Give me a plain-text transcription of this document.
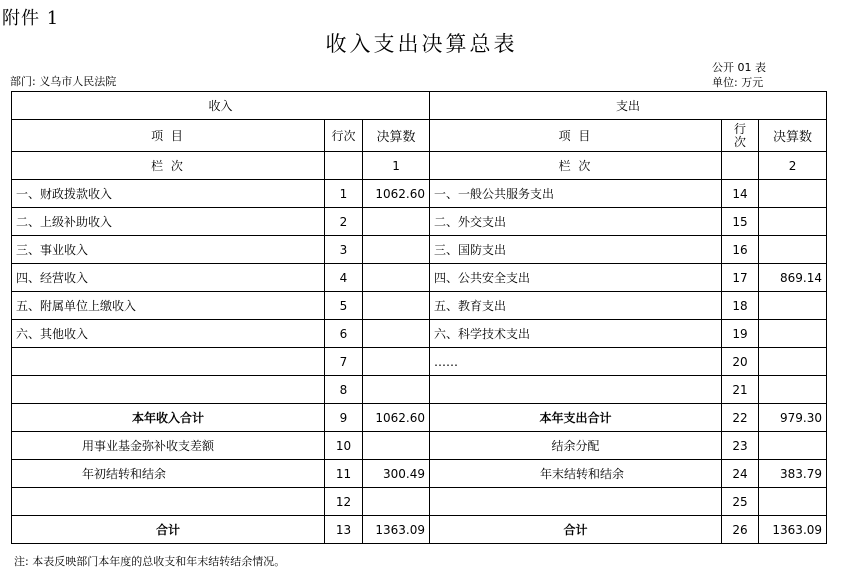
附件 1
收入支出决算总表
公开 01 表
部门: 义乌市人民法院	单位: 万元
收入			支出		
项 目	行次	决算数	项 目	行次	决算数
栏 次		1	栏 次		2
一、财政拨款收入	1	1062.60	一、一般公共服务支出	14	
二、上级补助收入	2		二、外交支出	15	
三、事业收入	3		三、国防支出	16	
四、经营收入	4		四、公共安全支出	17	869.14
五、附属单位上缴收入	5		五、教育支出	18	
六、其他收入	6		六、科学技术支出	19	
	7		……	20	
	8			21	
本年收入合计	9	1062.60	本年支出合计	22	979.30
用事业基金弥补收支差额	10		结余分配	23	
年初结转和结余	11	300.49	年末结转和结余	24	383.79
	12			25	
合计	13	1363.09	合计	26	1363.09
注: 本表反映部门本年度的总收支和年末结转结余情况。
